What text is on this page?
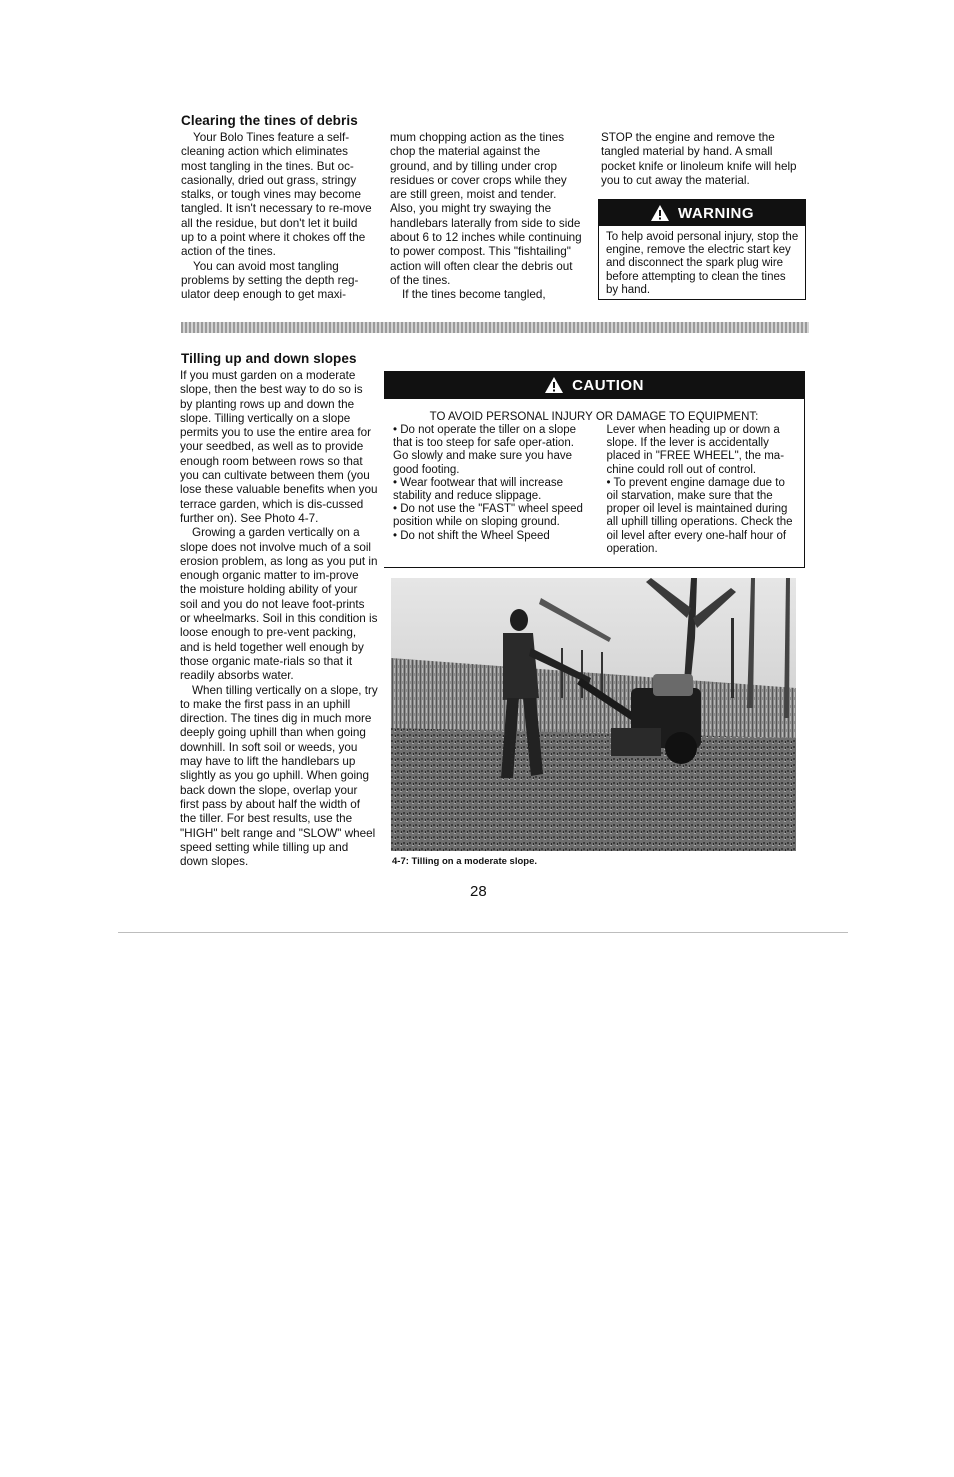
Clearing the tines of debris

Your Bolo Tines feature a self-cleaning action which eliminates most tangling in the tines. But oc-casionally, dried out grass, stringy stalks, or tough vines may become tangled. It isn't necessary to re-move all the residue, but don't let it build up to a point where it chokes off the action of the tines.

You can avoid most tangling problems by setting the depth reg-ulator deep enough to get maxi-

mum chopping action as the tines chop the material against the ground, and by tilling under crop residues or cover crops while they are still green, moist and tender. Also, you might try swaying the handlebars laterally from side to side about 6 to 12 inches while continuing to power compost. This "fishtailing" action will often clear the debris out of the tines.

If the tines become tangled,

STOP the engine and remove the tangled material by hand. A small pocket knife or linoleum knife will help you to cut away the material.

WARNING
To help avoid personal injury, stop the engine, remove the electric start key and disconnect the spark plug wire before attempting to clean the tines by hand.
Tilling up and down slopes

If you must garden on a moderate slope, then the best way to do so is by planting rows up and down the slope. Tilling vertically on a slope permits you to use the entire area for your seedbed, as well as to provide enough room between rows so that you can cultivate between them (you lose these valuable benefits when you terrace garden, which is dis-cussed further on). See Photo 4-7.

Growing a garden vertically on a slope does not involve much of a soil erosion problem, as long as you put in enough organic matter to im-prove the moisture holding ability of your soil and you do not leave foot-prints or wheelmarks. Soil in this condition is loose enough to pre-vent packing, and is held together well enough by those organic mate-rials so that it readily absorbs water.

When tilling vertically on a slope, try to make the first pass in an uphill direction. The tines dig in much more deeply going uphill than when going downhill. In soft soil or weeds, you may have to lift the handlebars up slightly as you go uphill. When going back down the slope, overlap your first pass by about half the width of the tiller. For best results, use the "HIGH" belt range and "SLOW" wheel speed setting while tilling up and down slopes.

CAUTION
TO AVOID PERSONAL INJURY OR DAMAGE TO EQUIPMENT:

• Do not operate the tiller on a slope that is too steep for safe oper-ation. Go slowly and make sure you have good footing.

• Wear footwear that will increase stability and reduce slippage.

• Do not use the "FAST" wheel speed position while on sloping ground.

• Do not shift the Wheel Speed

Lever when heading up or down a slope. If the lever is accidentally placed in "FREE WHEEL", the ma-chine could roll out of control.

• To prevent engine damage due to oil starvation, make sure that the proper oil level is maintained during all uphill tilling operations. Check the oil level after every one-half hour of operation.

4-7: Tilling on a moderate slope.
28
